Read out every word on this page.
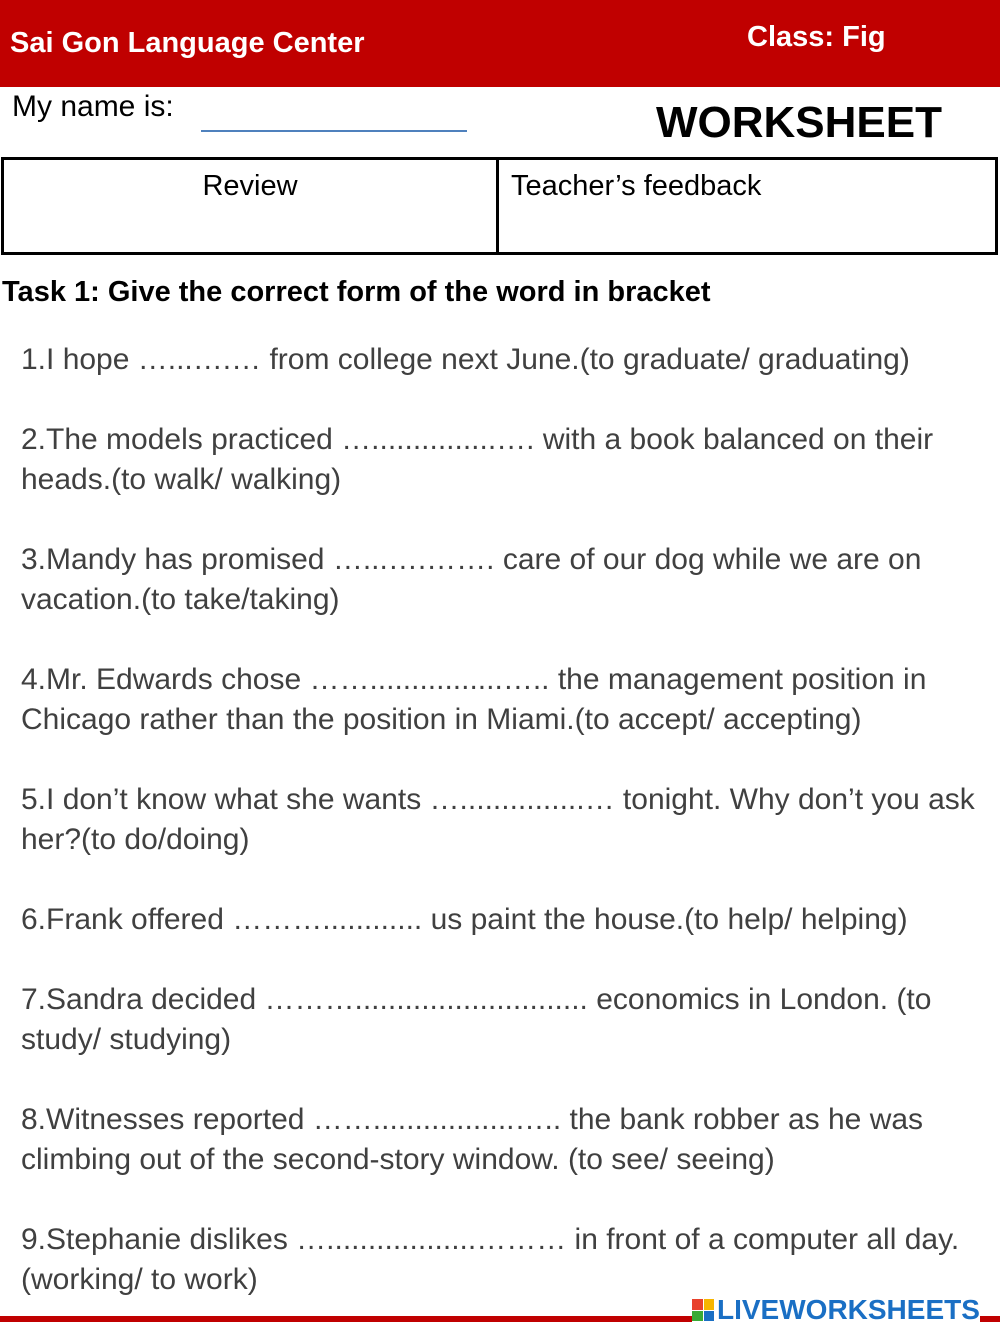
Sai Gon Language Center	Class: Fig
My name is:	WORKSHEET
Review	Teacher’s feedback
Task 1: Give the correct form of the word in bracket
1.I hope …...….… from college next June.(to graduate/ graduating)
2.The models practiced …...............…. with a book balanced on their heads.(to walk/ walking)
3.Mandy has promised …...….……. care of our dog while we are on vacation.(to take/taking)
4.Mr. Edwards chose ……................….. the management position in Chicago rather than the position in Miami.(to accept/ accepting)
5.I don’t know what she wants …...............… tonight. Why don’t you ask her?(to do/doing)
6.Frank offered ………............ us paint the house.(to help/ helping)
7.Sandra decided ………............................ economics in London. (to study/ studying)
8.Witnesses reported …….................….. the bank robber as he was climbing out of the second-story window. (to see/ seeing)
9.Stephanie dislikes …..................……… in front of a computer all day.(working/ to work)
LIVEWORKSHEETS
